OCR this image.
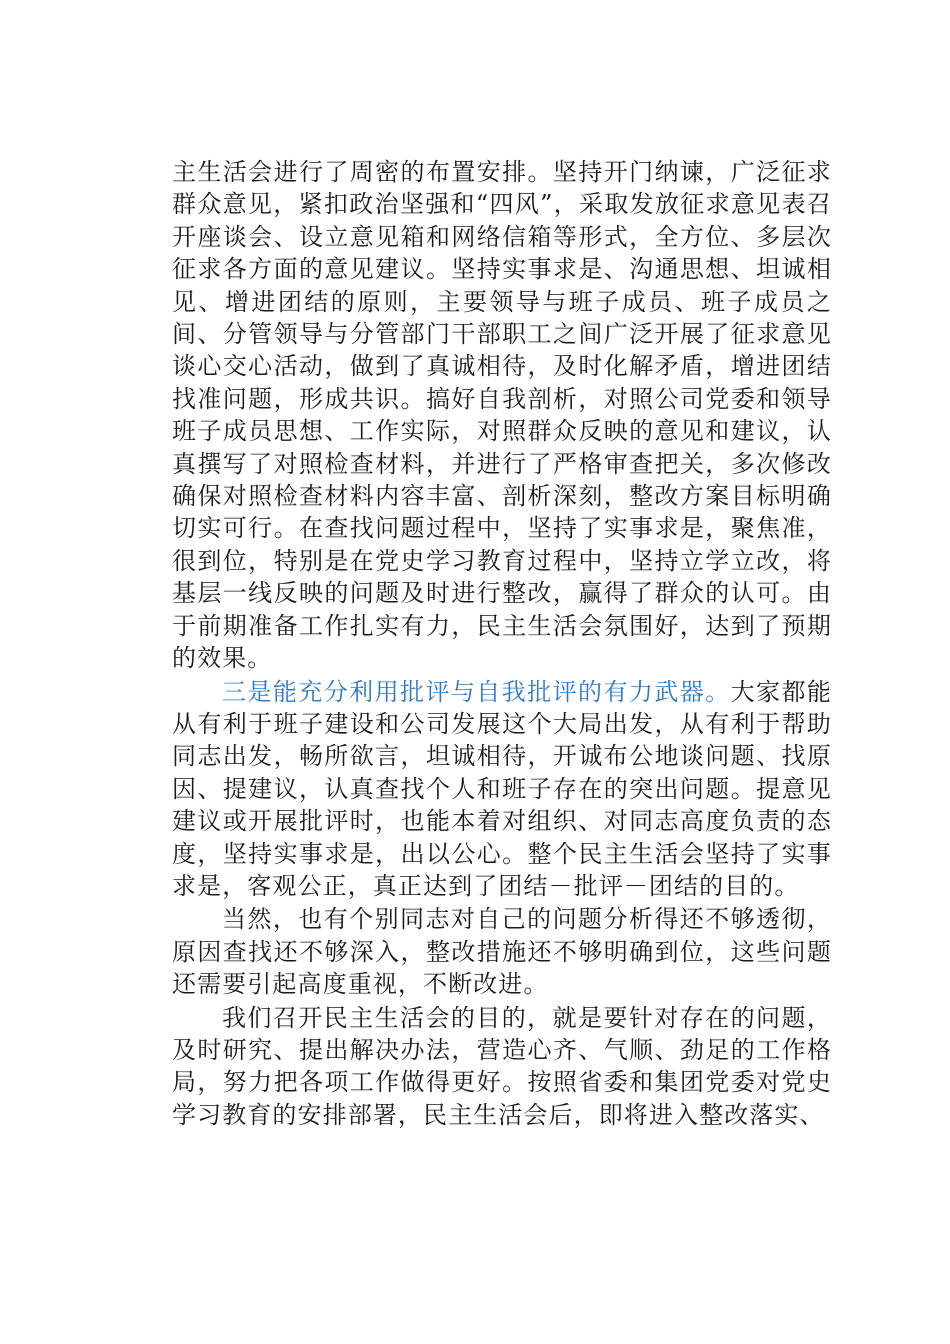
主生活会进行了周密的布置安排。坚持开门纳谏，广泛征求群众意见，紧扣政治坚强和“四风”，采取发放征求意见表召开座谈会、设立意见箱和网络信箱等形式，全方位、多层次征求各方面的意见建议。坚持实事求是、沟通思想、坦诚相见、增进团结的原则，主要领导与班子成员、班子成员之间、分管领导与分管部门干部职工之间广泛开展了征求意见谈心交心活动，做到了真诚相待，及时化解矛盾，增进团结找准问题，形成共识。搞好自我剖析，对照公司党委和领导班子成员思想、工作实际，对照群众反映的意见和建议，认真撰写了对照检查材料，并进行了严格审查把关，多次修改确保对照检查材料内容丰富、剖析深刻，整改方案目标明确切实可行。在查找问题过程中，坚持了实事求是，聚焦准，很到位，特别是在党史学习教育过程中，坚持立学立改，将基层一线反映的问题及时进行整改，赢得了群众的认可。由于前期准备工作扎实有力，民主生活会氛围好，达到了预期的效果。

三是能充分利用批评与自我批评的有力武器。大家都能从有利于班子建设和公司发展这个大局出发，从有利于帮助同志出发，畅所欲言，坦诚相待，开诚布公地谈问题、找原因、提建议，认真查找个人和班子存在的突出问题。提意见建议或开展批评时，也能本着对组织、对同志高度负责的态度，坚持实事求是，出以公心。整个民主生活会坚持了实事求是，客观公正，真正达到了团结－批评－团结的目的。

当然，也有个别同志对自己的问题分析得还不够透彻，原因查找还不够深入，整改措施还不够明确到位，这些问题还需要引起高度重视，不断改进。

我们召开民主生活会的目的，就是要针对存在的问题，及时研究、提出解决办法，营造心齐、气顺、劲足的工作格局，努力把各项工作做得更好。按照省委和集团党委对党史学习教育的安排部署，民主生活会后，即将进入整改落实、
